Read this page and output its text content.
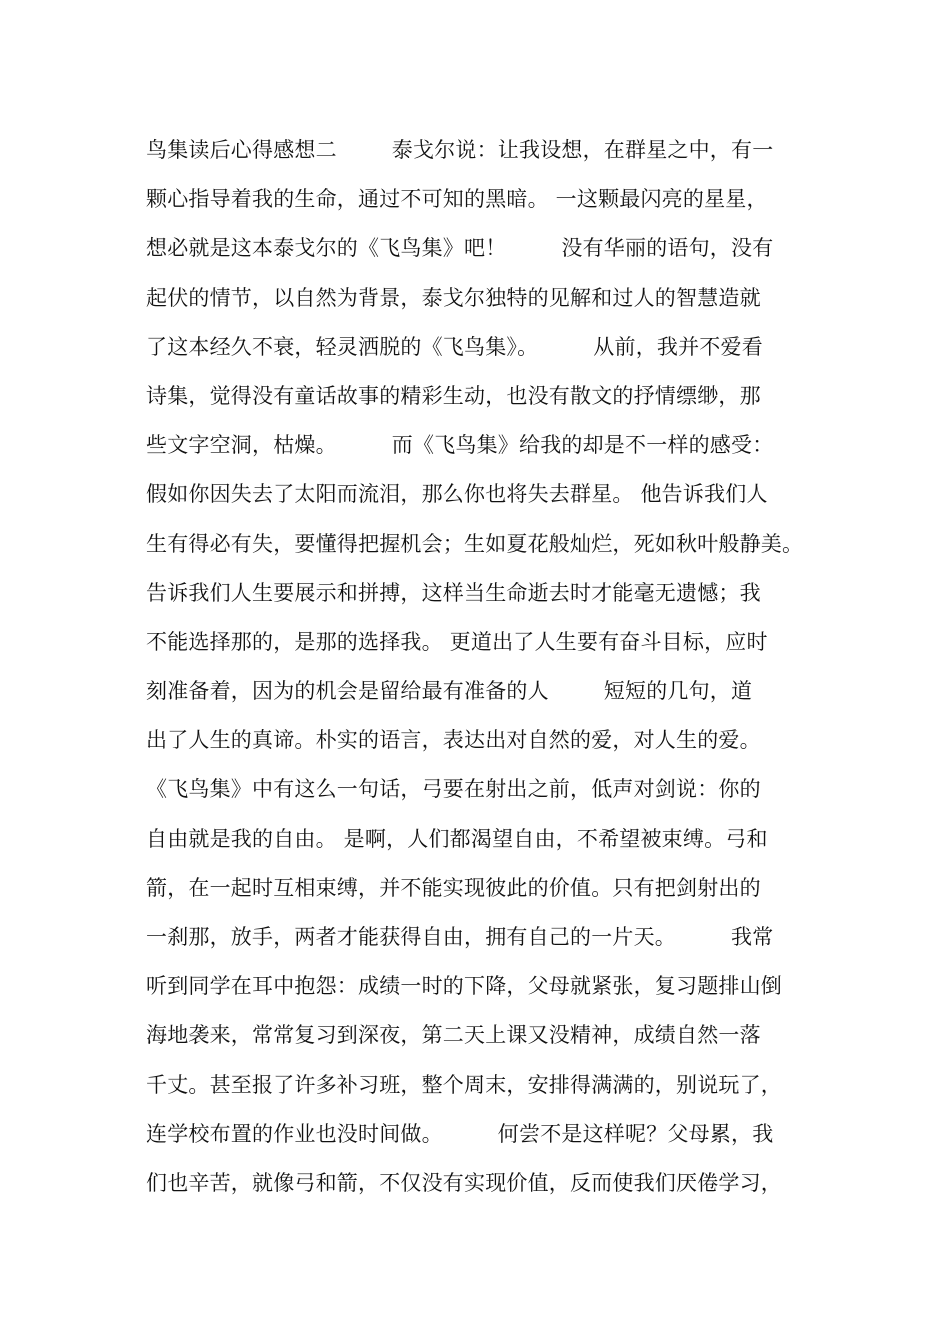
鸟集读后心得感想二        泰戈尔说：让我设想，在群星之中，有一
颗心指导着我的生命，通过不可知的黑暗。 一这颗最闪亮的星星，
想必就是这本泰戈尔的《飞鸟集》吧！        没有华丽的语句，没有
起伏的情节，以自然为背景，泰戈尔独特的见解和过人的智慧造就
了这本经久不衰，轻灵洒脱的《飞鸟集》。        从前，我并不爱看
诗集，觉得没有童话故事的精彩生动，也没有散文的抒情缥缈，那
些文字空洞，枯燥。        而《飞鸟集》给我的却是不一样的感受：
假如你因失去了太阳而流泪，那么你也将失去群星。 他告诉我们人
生有得必有失，要懂得把握机会；生如夏花般灿烂，死如秋叶般静美。
告诉我们人生要展示和拼搏，这样当生命逝去时才能毫无遗憾；我
不能选择那的，是那的选择我。 更道出了人生要有奋斗目标，应时
刻准备着，因为的机会是留给最有准备的人        短短的几句，道
出了人生的真谛。朴实的语言，表达出对自然的爱，对人生的爱。
《飞鸟集》中有这么一句话，弓要在射出之前，低声对剑说：你的
自由就是我的自由。 是啊，人们都渴望自由，不希望被束缚。弓和
箭，在一起时互相束缚，并不能实现彼此的价值。只有把剑射出的
一刹那，放手，两者才能获得自由，拥有自己的一片天。        我常
听到同学在耳中抱怨：成绩一时的下降，父母就紧张，复习题排山倒
海地袭来，常常复习到深夜，第二天上课又没精神，成绩自然一落
千丈。甚至报了许多补习班，整个周末，安排得满满的，别说玩了，
连学校布置的作业也没时间做。        何尝不是这样呢？父母累，我
们也辛苦，就像弓和箭，不仅没有实现价值，反而使我们厌倦学习，
